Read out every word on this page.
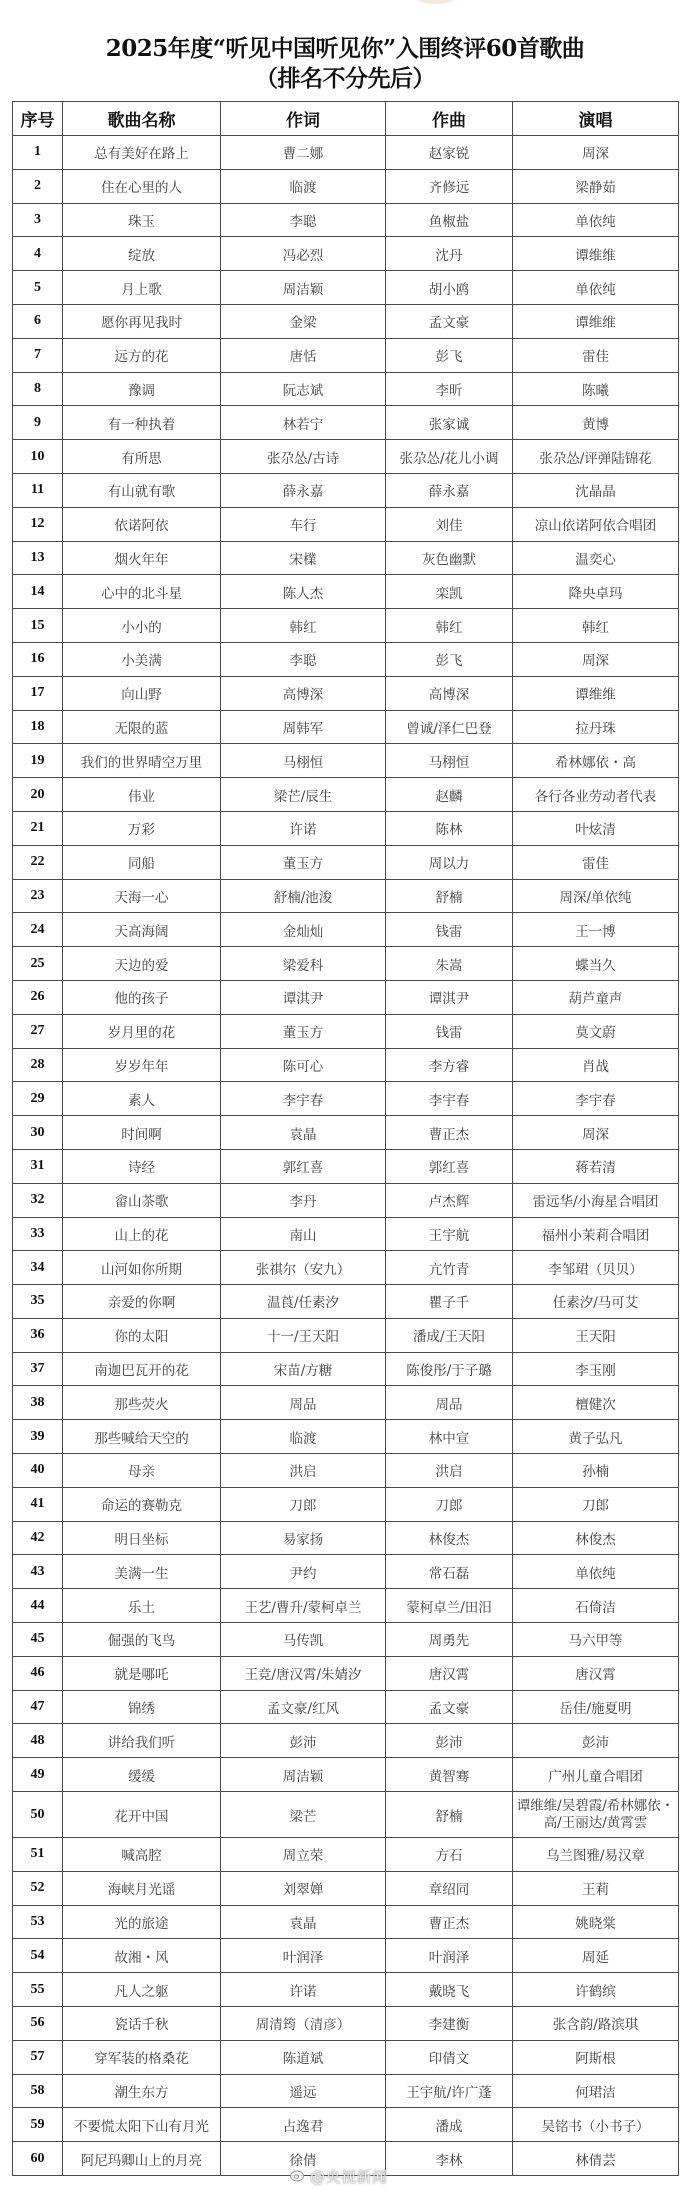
2025年度“听见中国听见你”入围终评60首歌曲
（排名不分先后）
序号	歌曲名称	作词	作曲	演唱
1	总有美好在路上	曹二娜	赵家锐	周深
2	住在心里的人	临渡	齐修远	梁静茹
3	珠玉	李聪	鱼椒盐	单依纯
4	绽放	冯必烈	沈丹	谭维维
5	月上歌	周洁颖	胡小鸥	单依纯
6	愿你再见我时	金梁	孟文豪	谭维维
7	远方的花	唐恬	彭飞	雷佳
8	豫调	阮志斌	李昕	陈曦
9	有一种执着	林若宁	张家诚	黄博
10	有所思	张尕怂/古诗	张尕怂/花儿小调	张尕怂/评弹陆锦花
11	有山就有歌	薛永嘉	薛永嘉	沈晶晶
12	依诺阿依	车行	刘佳	凉山依诺阿依合唱团
13	烟火年年	宋檏	灰色幽默	温奕心
14	心中的北斗星	陈人杰	栾凯	降央卓玛
15	小小的	韩红	韩红	韩红
16	小美满	李聪	彭飞	周深
17	向山野	高博深	高博深	谭维维
18	无限的蓝	周韩军	曾诚/泽仁巴登	拉丹珠
19	我们的世界晴空万里	马栩恒	马栩恒	希林娜依・高
20	伟业	梁芒/辰生	赵麟	各行各业劳动者代表
21	万彩	许诺	陈林	叶炫清
22	同船	董玉方	周以力	雷佳
23	天海一心	舒楠/池浚	舒楠	周深/单依纯
24	天高海阔	金灿灿	钱雷	王一博
25	天边的爱	梁爱科	朱嵩	蝶当久
26	他的孩子	谭淇尹	谭淇尹	葫芦童声
27	岁月里的花	董玉方	钱雷	莫文蔚
28	岁岁年年	陈可心	李方睿	肖战
29	素人	李宇春	李宇春	李宇春
30	时间啊	袁晶	曹正杰	周深
31	诗经	郭红喜	郭红喜	蒋若清
32	畲山茶歌	李丹	卢杰辉	雷远华/小海星合唱团
33	山上的花	南山	王宇航	福州小茉莉合唱团
34	山河如你所期	张祺尔（安九）	亢竹青	李邹珺（贝贝）
35	亲爱的你啊	温莨/任素汐	瞿子千	任素汐/马可艾
36	你的太阳	十一/王天阳	潘成/王天阳	王天阳
37	南迦巴瓦开的花	宋苗/方糖	陈俊彤/于子璐	李玉刚
38	那些荧火	周品	周品	檀健次
39	那些喊给天空的	临渡	林中宣	黄子弘凡
40	母亲	洪启	洪启	孙楠
41	命运的赛勒克	刀郎	刀郎	刀郎
42	明日坐标	易家扬	林俊杰	林俊杰
43	美满一生	尹约	常石磊	单依纯
44	乐土	王艺/曹升/蒙柯卓兰	蒙柯卓兰/田汨	石倚洁
45	倔强的飞鸟	马传凯	周勇先	马六甲等
46	就是哪吒	王竞/唐汉霄/朱婧汐	唐汉霄	唐汉霄
47	锦绣	孟文豪/红风	孟文豪	岳佳/施夏明
48	讲给我们听	彭沛	彭沛	彭沛
49	缓缓	周洁颖	黄智骞	广州儿童合唱团
50	花开中国	梁芒	舒楠	谭维维/吴碧霞/希林娜依・高/王丽达/黄霄雲
51	喊高腔	周立荣	方石	乌兰图雅/易汉章
52	海峡月光谣	刘翠婵	章绍同	王莉
53	光的旅途	袁晶	曹正杰	姚晓棠
54	故湘・风	叶润泽	叶润泽	周延
55	凡人之躯	许诺	戴晓飞	许鹤缤
56	瓷话千秋	周清筠（清彦）	李建衡	张含韵/路滨琪
57	穿军装的格桑花	陈道斌	印倩文	阿斯根
58	潮生东方	遥远	王宇航/许广蓬	何珺洁
59	不要慌太阳下山有月光	占逸君	潘成	吴铭书（小书子）
60	阿尼玛卿山上的月亮	徐倩	李林	林倩芸
@央视新闻
